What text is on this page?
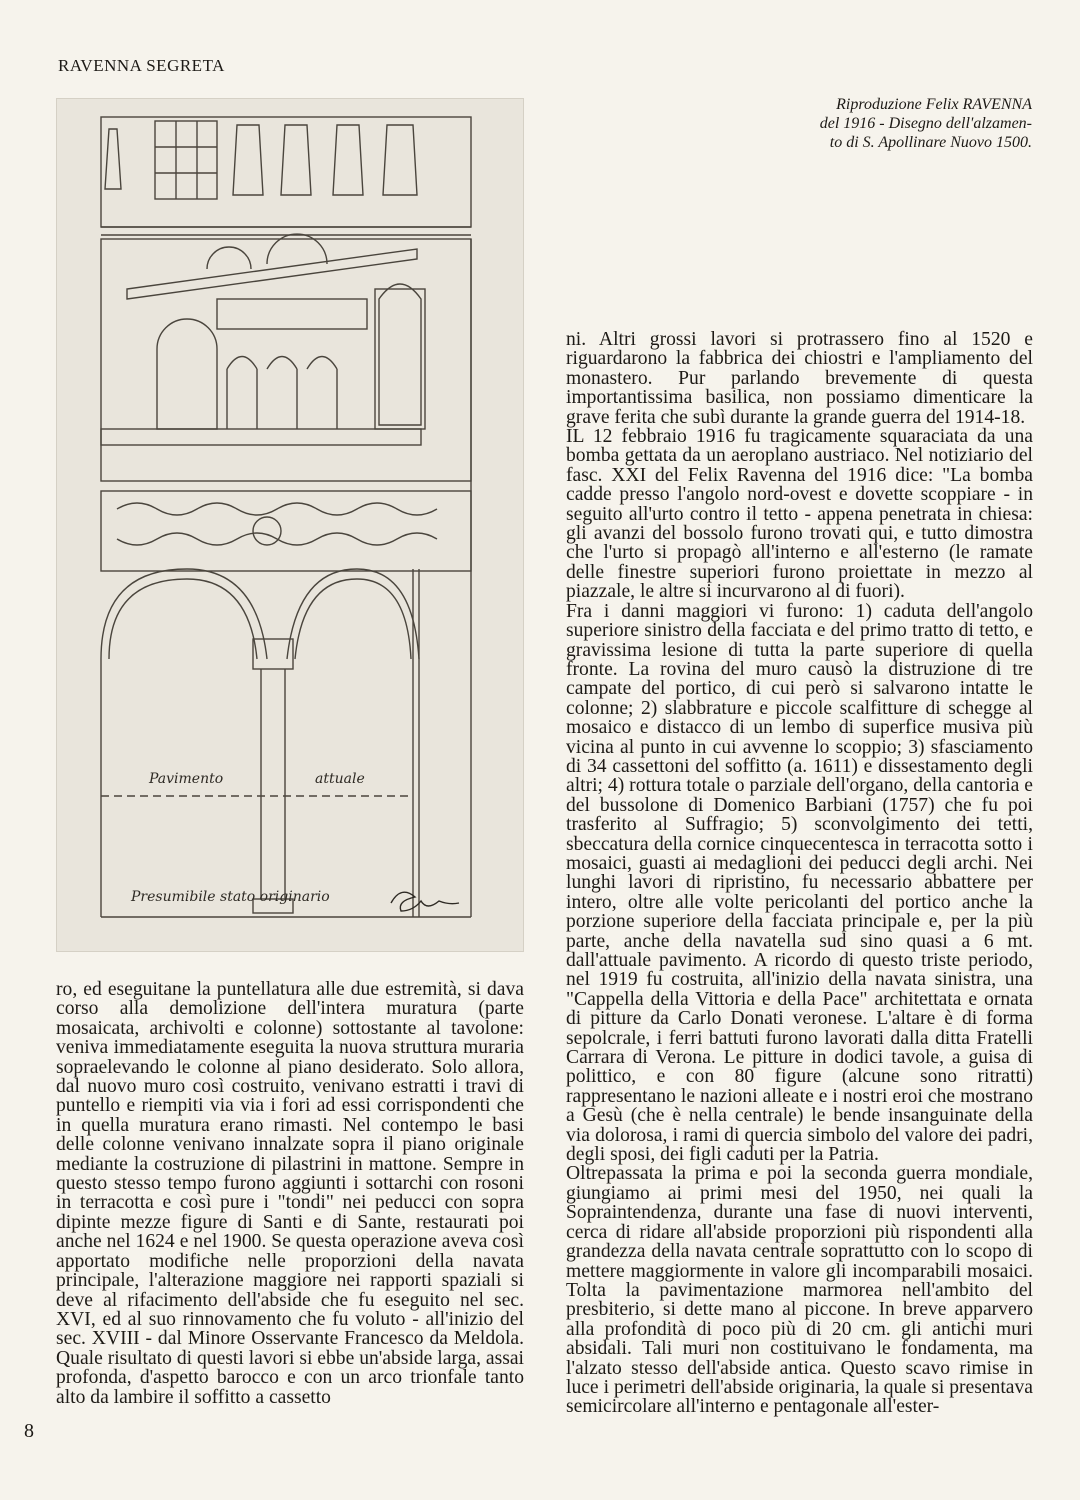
RAVENNA SEGRETA
Riproduzione Felix RAVENNA
del 1916 - Disegno dell'alzamen-
to di S. Apollinare Nuovo 1500.
Pavimento	attuale
Presumibile stato originario

ro, ed eseguitane la puntellatura alle due estremità, si dava corso alla demolizione dell'intera muratura (parte mosaicata, archivolti e colonne) sottostante al tavolone: veniva immediatamente eseguita la nuova struttura muraria sopraelevando le colonne al piano desiderato. Solo allora, dal nuovo muro così costruito, venivano estratti i travi di puntello e riempiti via via i fori ad essi corrispondenti che in quella muratura erano rimasti. Nel contempo le basi delle colonne venivano innalzate sopra il piano originale mediante la costruzione di pilastrini in mattone. Sempre in questo stesso tempo furono aggiunti i sottarchi con rosoni in terracotta e così pure i "tondi" nei peducci con sopra dipinte mezze figure di Santi e di Sante, restaurati poi anche nel 1624 e nel 1900. Se questa operazione aveva così apportato modifiche nelle proporzioni della navata principale, l'alterazione maggiore nei rapporti spaziali si deve al rifacimento dell'abside che fu eseguito nel sec. XVI, ed al suo rinnovamento che fu voluto - all'inizio del sec. XVIII - dal Minore Osservante Francesco da Meldola. Quale risultato di questi lavori si ebbe un'abside larga, assai profonda, d'aspetto barocco e con un arco trionfale tanto alto da lambire il soffitto a cassetto

ni. Altri grossi lavori si protrassero fino al 1520 e riguardarono la fabbrica dei chiostri e l'ampliamento del monastero. Pur parlando brevemente di questa importantissima basilica, non possiamo dimenticare la grave ferita che subì durante la grande guerra del 1914-18.

IL 12 febbraio 1916 fu tragicamente squaraciata da una bomba gettata da un aeroplano austriaco. Nel notiziario del fasc. XXI del Felix Ravenna del 1916 dice: "La bomba cadde presso l'angolo nord-ovest e dovette scoppiare - in seguito all'urto contro il tetto - appena penetrata in chiesa: gli avanzi del bossolo furono trovati qui, e tutto dimostra che l'urto si propagò all'interno e all'esterno (le ramate delle finestre superiori furono proiettate in mezzo al piazzale, le altre si incurvarono al di fuori).

Fra i danni maggiori vi furono: 1) caduta dell'angolo superiore sinistro della facciata e del primo tratto di tetto, e gravissima lesione di tutta la parte superiore di quella fronte. La rovina del muro causò la distruzione di tre campate del portico, di cui però si salvarono intatte le colonne; 2) slabbrature e piccole scalfitture di schegge al mosaico e distacco di un lembo di superfice musiva più vicina al punto in cui avvenne lo scoppio; 3) sfasciamento di 34 cassettoni del soffitto (a. 1611) e dissestamento degli altri; 4) rottura totale o parziale dell'organo, della cantoria e del bussolone di Domenico Barbiani (1757) che fu poi trasferito al Suffragio; 5) sconvolgimento dei tetti, sbeccatura della cornice cinquecentesca in terracotta sotto i mosaici, guasti ai medaglioni dei peducci degli archi. Nei lunghi lavori di ripristino, fu necessario abbattere per intero, oltre alle volte pericolanti del portico anche la porzione superiore della facciata principale e, per la più parte, anche della navatella sud sino quasi a 6 mt. dall'attuale pavimento. A ricordo di questo triste periodo, nel 1919 fu costruita, all'inizio della navata sinistra, una "Cappella della Vittoria e della Pace" architettata e ornata di pitture da Carlo Donati veronese. L'altare è di forma sepolcrale, i ferri battuti furono lavorati dalla ditta Fratelli Carrara di Verona. Le pitture in dodici tavole, a guisa di polittico, e con 80 figure (alcune sono ritratti) rappresentano le nazioni alleate e i nostri eroi che mostrano a Gesù (che è nella centrale) le bende insanguinate della via dolorosa, i rami di quercia simbolo del valore dei padri, degli sposi, dei figli caduti per la Patria.

Oltrepassata la prima e poi la seconda guerra mondiale, giungiamo ai primi mesi del 1950, nei quali la Sopraintendenza, durante una fase di nuovi interventi, cerca di ridare all'abside proporzioni più rispondenti alla grandezza della navata centrale soprattutto con lo scopo di mettere maggiormente in valore gli incomparabili mosaici. Tolta la pavimentazione marmorea nell'ambito del presbiterio, si dette mano al piccone. In breve apparvero alla profondità di poco più di 20 cm. gli antichi muri absidali. Tali muri non costituivano le fondamenta, ma l'alzato stesso dell'abside antica. Questo scavo rimise in luce i perimetri dell'abside originaria, la quale si presentava semicircolare all'interno e pentagonale all'ester-

8
